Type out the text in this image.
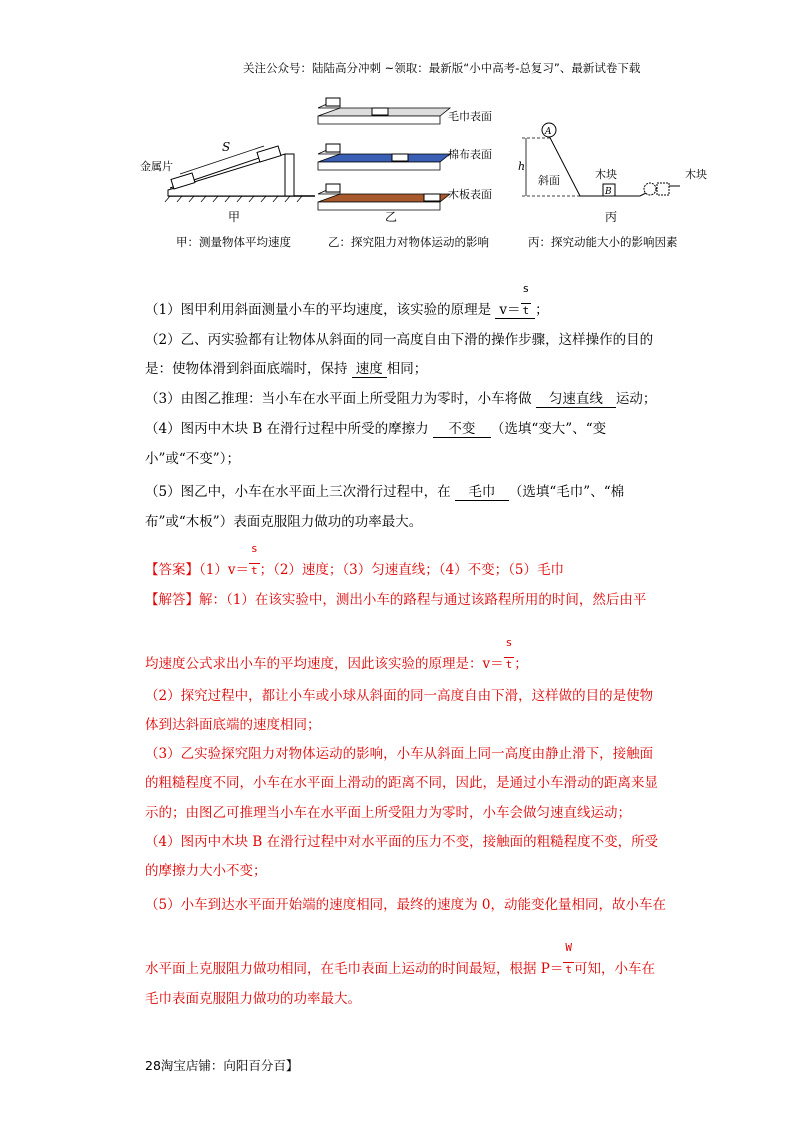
关注公众号：陆陆高分冲刺 ~领取：最新版“小中高考-总复习”、最新试卷下载
金属片
S
甲
毛巾表面
棉布表面
木板表面
乙
A
B
h
斜面	木块	木块
丙
甲：测量物体平均速度	乙：探究阻力对物体运动的影响	丙：探究动能大小的影响因素
（1）图甲利用斜面测量小车的平均速度，该实验的原理是 $v= \frac{s}{t}$ ；
（2）乙、丙实验都有让物体从斜面的同一高度自由下滑的操作步骤，这样操作的目的
是：使物体滑到斜面底端时，保持 速度 相同；
（3）由图乙推理：当小车在水平面上所受阻力为零时，小车将做 匀速直线 运动；
（4）图丙中木块 B 在滑行过程中所受的摩擦力 不变 （选填“变大”、“变
小”或“不变”）；
（5）图乙中，小车在水平面上三次滑行过程中，在 毛巾 （选填“毛巾”、“棉
布”或“木板”）表面克服阻力做功的功率最大。
【答案】$(1)v= \frac{s}{t}$；（2）速度；（3）匀速直线；（4）不变；（5）毛巾
【解答】解：（1）在该实验中，测出小车的路程与通过该路程所用的时间，然后由平
均速度公式求出小车的平均速度，因此该实验的原理是：$v= \frac{s}{t}$；
（2）探究过程中，都让小车或小球从斜面的同一高度自由下滑，这样做的目的是使物
体到达斜面底端的速度相同；
（3）乙实验探究阻力对物体运动的影响，小车从斜面上同一高度由静止滑下，接触面
的粗糙程度不同，小车在水平面上滑动的距离不同，因此，是通过小车滑动的距离来显
示的；由图乙可推理当小车在水平面上所受阻力为零时，小车会做匀速直线运动；
（4）图丙中木块 B 在滑行过程中对水平面的压力不变，接触面的粗糙程度不变，所受
的摩擦力大小不变；
（5）小车到达水平面开始端的速度相同，最终的速度为 0，动能变化量相同，故小车在
水平面上克服阻力做功相同，在毛巾表面上运动的时间最短，根据 $P= \frac{W}{t}$可知，小车在
毛巾表面克服阻力做功的功率最大。
28淘宝店铺：向阳百分百】
